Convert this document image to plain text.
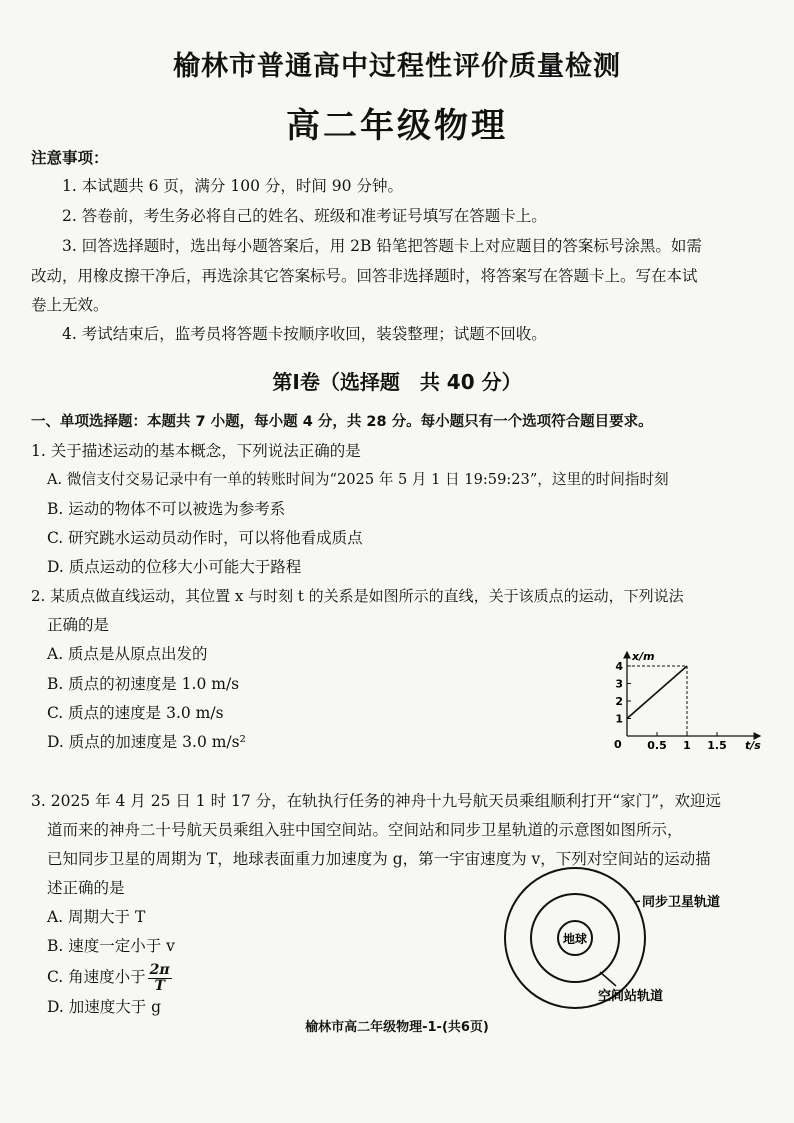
榆林市普通高中过程性评价质量检测
高二年级物理
注意事项：
1. 本试题共 6 页，满分 100 分，时间 90 分钟。
2. 答卷前，考生务必将自己的姓名、班级和准考证号填写在答题卡上。
3. 回答选择题时，选出每小题答案后，用 2B 铅笔把答题卡上对应题目的答案标号涂黑。如需
改动，用橡皮擦干净后，再选涂其它答案标号。回答非选择题时，将答案写在答题卡上。写在本试
卷上无效。
4. 考试结束后，监考员将答题卡按顺序收回，装袋整理；试题不回收。
第Ⅰ卷（选择题　共 40 分）
一、单项选择题：本题共 7 小题，每小题 4 分，共 28 分。每小题只有一个选项符合题目要求。
1. 关于描述运动的基本概念，下列说法正确的是
A. 微信支付交易记录中有一单的转账时间为“2025 年 5 月 1 日 19:59:23”，这里的时间指时刻
B. 运动的物体不可以被选为参考系
C. 研究跳水运动员动作时，可以将他看成质点
D. 质点运动的位移大小可能大于路程
2. 某质点做直线运动，其位置 x 与时刻 t 的关系是如图所示的直线，关于该质点的运动，下列说法
正确的是
A. 质点是从原点出发的
B. 质点的初速度是 1.0 m/s
C. 质点的速度是 3.0 m/s
D. 质点的加速度是 3.0 m/s²
1
2
3
4
0.5 1 1.5
x/m
t/s
0
3. 2025 年 4 月 25 日 1 时 17 分，在轨执行任务的神舟十九号航天员乘组顺利打开“家门”，欢迎远
道而来的神舟二十号航天员乘组入驻中国空间站。空间站和同步卫星轨道的示意图如图所示，
已知同步卫星的周期为 T，地球表面重力加速度为 g，第一宇宙速度为 v，下列对空间站的运动描
述正确的是
A. 周期大于 T
B. 速度一定小于 v
C. 角速度小于 $\frac{2\pi}{T}$
D. 加速度大于 g
地球
同步卫星轨道
空间站轨道
榆林市高二年级物理-1-(共6页)
